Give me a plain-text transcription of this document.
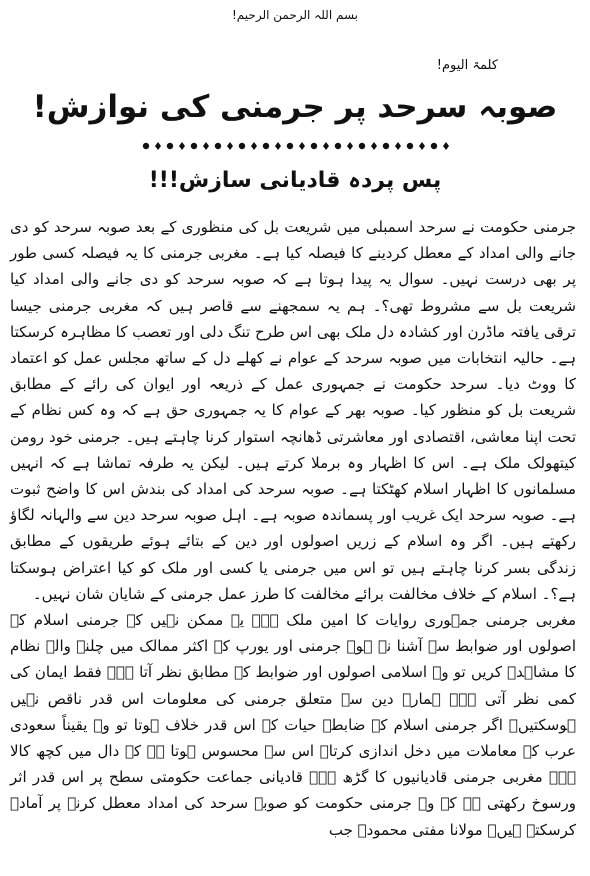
بسم اللہ الرحمن الرحیم!
کلمۃ الیوم!
صوبہ سرحد پر جرمنی کی نوازش!
پس پردہ قادیانی سازش!!!

جرمنی حکومت نے سرحد اسمبلی میں شریعت بل کی منظوری کے بعد صوبہ سرحد کو دی جانے والی امداد کے معطل کردینے کا فیصلہ کیا ہے۔ مغربی جرمنی کا یہ فیصلہ کسی طور پر بھی درست نہیں۔ سوال یہ پیدا ہوتا ہے کہ صوبہ سرحد کو دی جانے والی امداد کیا شریعت بل سے مشروط تھی؟۔ ہم یہ سمجھنے سے قاصر ہیں کہ مغربی جرمنی جیسا ترقی یافتہ ماڈرن اور کشادہ دل ملک بھی اس طرح تنگ دلی اور تعصب کا مظاہرہ کرسکتا ہے۔ حالیہ انتخابات میں صوبہ سرحد کے عوام نے کھلے دل کے ساتھ مجلس عمل کو اعتماد کا ووٹ دیا۔ سرحد حکومت نے جمہوری عمل کے ذریعہ اور ایوان کی رائے کے مطابق شریعت بل کو منظور کیا۔ صوبہ بھر کے عوام کا یہ جمہوری حق ہے کہ وہ کس نظام کے تحت اپنا معاشی، اقتصادی اور معاشرتی ڈھانچہ استوار کرنا چاہتے ہیں۔ جرمنی خود رومن کیتھولک ملک ہے۔ اس کا اظہار وہ برملا کرتے ہیں۔ لیکن یہ طرفہ تماشا ہے کہ انہیں مسلمانوں کا اظہار اسلام کھٹکتا ہے۔ صوبہ سرحد کی امداد کی بندش اس کا واضح ثبوت ہے۔ صوبہ سرحد ایک غریب اور پسماندہ صوبہ ہے۔ اہل صوبہ سرحد دین سے والہانہ لگاؤ رکھتے ہیں۔ اگر وہ اسلام کے زریں اصولوں اور دین کے بتائے ہوئے طریقوں کے مطابق زندگی بسر کرنا چاہتے ہیں تو اس میں جرمنی یا کسی اور ملک کو کیا اعتراض ہوسکتا ہے؟۔ اسلام کے خلاف مخالفت برائے مخالفت کا طرز عمل جرمنی کے شایان شان نہیں۔

مغربی جرمنی جمہوری روایات کا امین ملک ہے۔ یہ ممکن نہیں کہ جرمنی اسلام کے اصولوں اور ضوابط سے آشنا نہ ہو۔ جرمنی اور یورپ کے اکثر ممالک میں چلنے والے نظام کا مشاہدہ کریں تو وہ اسلامی اصولوں اور ضوابط کے مطابق نظر آتا ہے۔ فقط ایمان کی کمی نظر آتی ہے۔ ہمارے دین سے متعلق جرمنی کی معلومات اس قدر ناقص نہیں ہوسکتیں۔ اگر جرمنی اسلام کے ضابطہ حیات کے اس قدر خلاف ہوتا تو وہ یقیناً سعودی عرب کے معاملات میں دخل اندازی کرتا۔ اس سے محسوس ہوتا ہے کہ دال میں کچھ کالا ہے۔ مغربی جرمنی قادیانیوں کا گڑھ ہے۔ قادیانی جماعت حکومتی سطح پر اس قدر اثر ورسوخ رکھتی ہے کہ وہ جرمنی حکومت کو صوبہ سرحد کی امداد معطل کرنے پر آمادہ کرسکتے ہیں۔ مولانا مفتی محمودؒ جب
